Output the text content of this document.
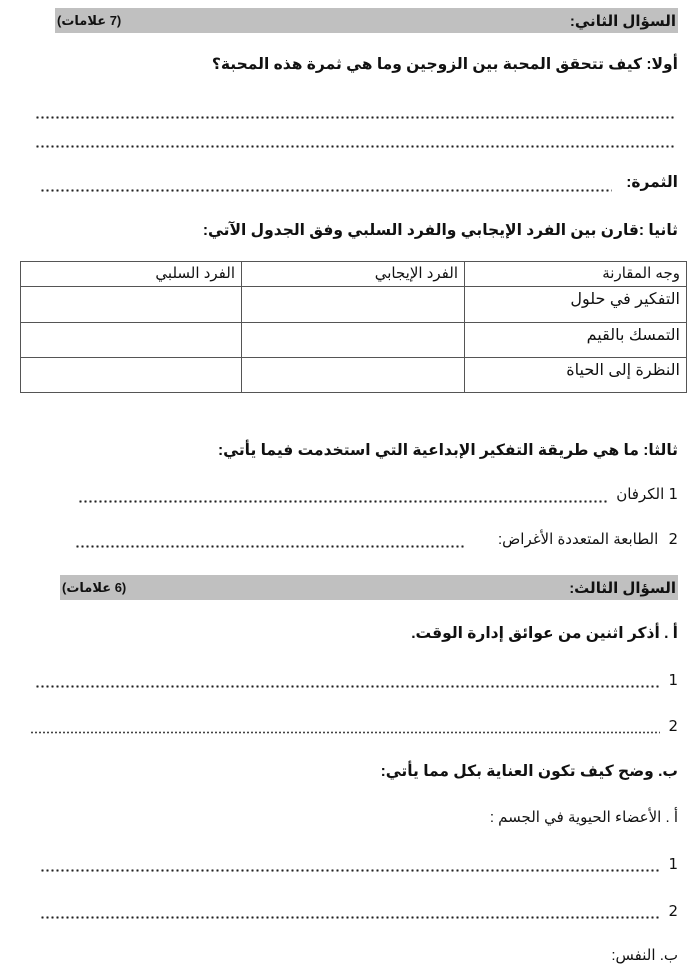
السؤال الثاني:
(7 علامات)
أولا: كيف تتحقق المحبة بين الزوجين وما هي ثمرة هذه المحبة؟
الثمرة:
ثانيا :قارن بين الفرد الإيجابي والفرد السلبي وفق الجدول الآتي:
وجه المقارنة	الفرد الإيجابي	الفرد السلبي
التفكير في حلول		
التمسك بالقيم		
النظرة إلى الحياة		
ثالثا: ما هي طريقة التفكير الإبداعية التي استخدمت فيما يأتي:
1 الكرفان
2 الطابعة المتعددة الأغراض:
السؤال الثالث:
(6 علامات)
أ . أذكر اثنين من عوائق إدارة الوقت.
1
2
ب. وضح كيف تكون العناية بكل مما يأتي:
أ . الأعضاء الحيوية في الجسم :
1
2
ب. النفس:
